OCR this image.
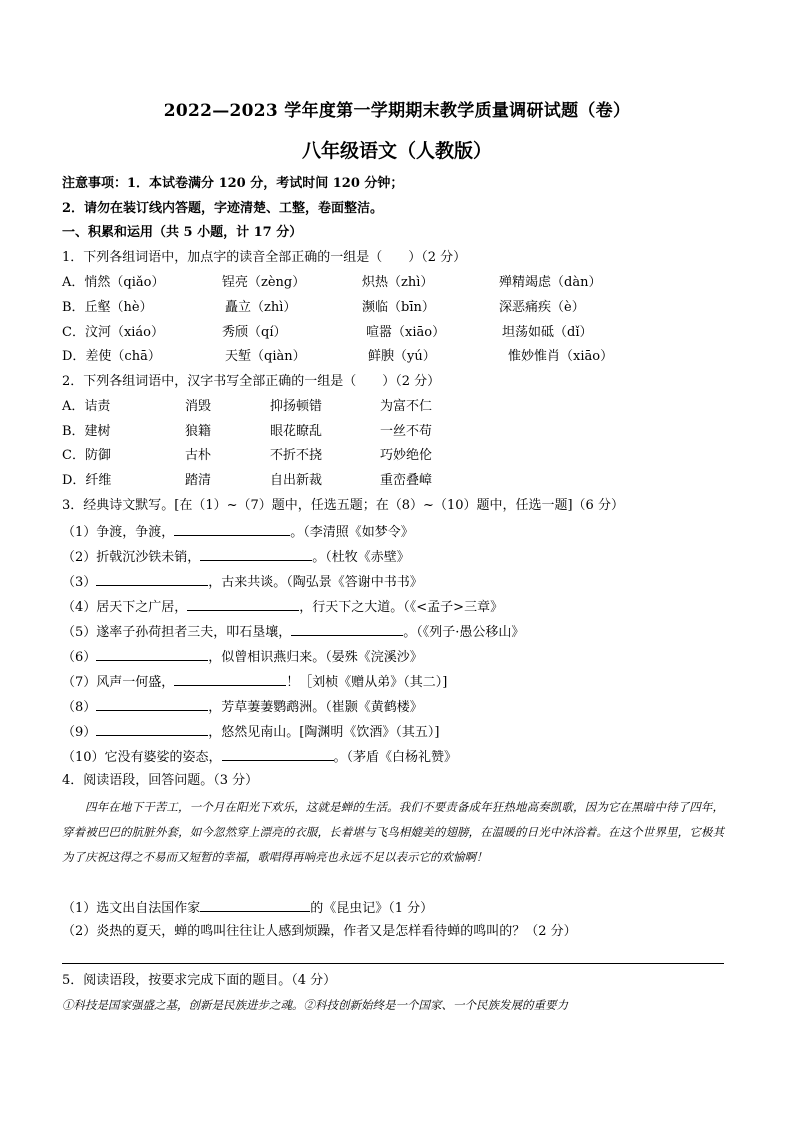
2022—2023 学年度第一学期期末教学质量调研试题（卷）
八年级语文（人教版）
注意事项：1．本试卷满分 120 分，考试时间 120 分钟；
2．请勿在装订线内答题，字迹清楚、工整，卷面整洁。
一、积累和运用（共 5 小题，计 17 分）
1．下列各组词语中，加点字的读音全部正确的一组是（　　）（2 分）
A．悄然（qiǎo）	锃亮（zèng）	炽热（zhì）	殚精竭虑（dàn）
B．丘壑（hè）	矗立（zhì）	濒临（bīn）	深恶痛疾（è）
C．汶河（xiáo）	秀颀（qí）	喧嚣（xiāo）	坦荡如砥（dǐ）
D．差使（chā）	天堑（qiàn）	鲜腴（yú）	惟妙惟肖（xiāo）
2．下列各组词语中，汉字书写全部正确的一组是（　　）（2 分）
A．诘责	消毁	抑扬顿错	为富不仁
B．建树	狼籍	眼花瞭乱	一丝不苟
C．防御	古朴	不折不挠	巧妙绝伦
D．纤维	踏清	自出新裁	重峦叠嶂
3．经典诗文默写。[在（1）~（7）题中，任选五题；在（8）~（10）题中，任选一题]（6 分）
（1）争渡，争渡，	。（李清照《如梦令》
（2）折戟沉沙铁未销，	。（杜牧《赤壁》
（3）	，古来共谈。（陶弘景《答谢中书书》
（4）居天下之广居，	，行天下之大道。（《<孟子>三章》
（5）遂率子孙荷担者三夫，叩石垦壤，	。（《列子·愚公移山》
（6）	，似曾相识燕归来。（晏殊《浣溪沙》
（7）风声一何盛，	！［刘桢《赠从弟》（其二）]
（8）	，芳草萋萋鹦鹉洲。（崔颢《黄鹤楼》
（9）	，悠然见南山。[陶渊明《饮酒》（其五）]
（10）它没有婆娑的姿态，	。（茅盾《白杨礼赞》
4．阅读语段，回答问题。（3 分）
四年在地下干苦工，一个月在阳光下欢乐，这就是蝉的生活。我们不要责备成年狂热地高奏凯歌，因为它在黑暗中待了四年，穿着被巴巴的肮脏外套，如今忽然穿上漂亮的衣服，长着堪与飞鸟相媲美的翅膀，在温暖的日光中沐浴着。在这个世界里，它极其为了庆祝这得之不易而又短暂的幸福，歌唱得再响亮也永远不足以表示它的欢愉啊！
（1）选文出自法国作家	的《昆虫记》（1 分）
（2）炎热的夏天，蝉的鸣叫往往让人感到烦躁，作者又是怎样看待蝉的鸣叫的？（2 分）
5．阅读语段，按要求完成下面的题目。（4 分）
①科技是国家强盛之基，创新是民族进步之魂。②科技创新始终是一个国家、一个民族发展的重要力
